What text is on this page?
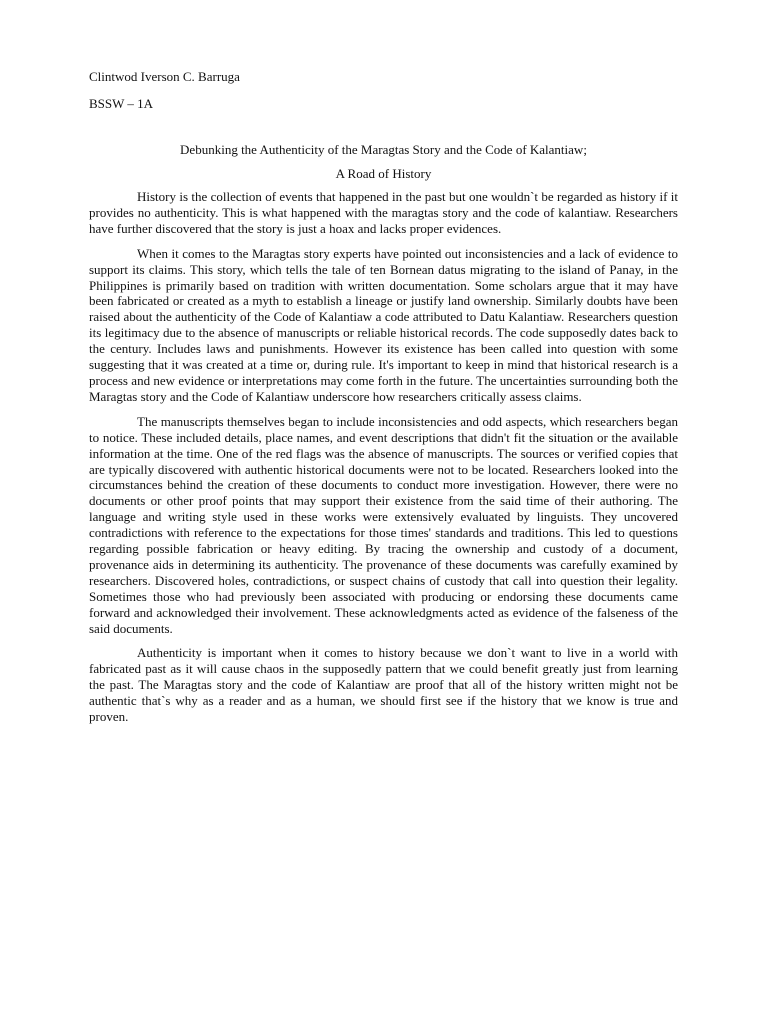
Clintwod Iverson C. Barruga
BSSW – 1A
Debunking the Authenticity of the Maragtas Story and the Code of Kalantiaw;
A Road of History

History is the collection of events that happened in the past but one wouldn`t be regarded as history if it provides no authenticity. This is what happened with the maragtas story and the code of kalantiaw. Researchers have further discovered that the story is just a hoax and lacks proper evidences.

When it comes to the Maragtas story experts have pointed out inconsistencies and a lack of evidence to support its claims. This story, which tells the tale of ten Bornean datus migrating to the island of Panay, in the Philippines is primarily based on tradition with written documentation. Some scholars argue that it may have been fabricated or created as a myth to establish a lineage or justify land ownership. Similarly doubts have been raised about the authenticity of the Code of Kalantiaw a code attributed to Datu Kalantiaw. Researchers question its legitimacy due to the absence of manuscripts or reliable historical records. The code supposedly dates back to the century. Includes laws and punishments. However its existence has been called into question with some suggesting that it was created at a time or, during rule. It's important to keep in mind that historical research is a process and new evidence or interpretations may come forth in the future. The uncertainties surrounding both the Maragtas story and the Code of Kalantiaw underscore how researchers critically assess claims.

The manuscripts themselves began to include inconsistencies and odd aspects, which researchers began to notice. These included details, place names, and event descriptions that didn't fit the situation or the available information at the time. One of the red flags was the absence of manuscripts. The sources or verified copies that are typically discovered with authentic historical documents were not to be located. Researchers looked into the circumstances behind the creation of these documents to conduct more investigation. However, there were no documents or other proof points that may support their existence from the said time of their authoring. The language and writing style used in these works were extensively evaluated by linguists. They uncovered contradictions with reference to the expectations for those times' standards and traditions. This led to questions regarding possible fabrication or heavy editing. By tracing the ownership and custody of a document, provenance aids in determining its authenticity. The provenance of these documents was carefully examined by researchers. Discovered holes, contradictions, or suspect chains of custody that call into question their legality. Sometimes those who had previously been associated with producing or endorsing these documents came forward and acknowledged their involvement. These acknowledgments acted as evidence of the falseness of the said documents.

Authenticity is important when it comes to history because we don`t want to live in a world with fabricated past as it will cause chaos in the supposedly pattern that we could benefit greatly just from learning the past. The Maragtas story and the code of Kalantiaw are proof that all of the history written might not be authentic that`s why as a reader and as a human, we should first see if the history that we know is true and proven.
